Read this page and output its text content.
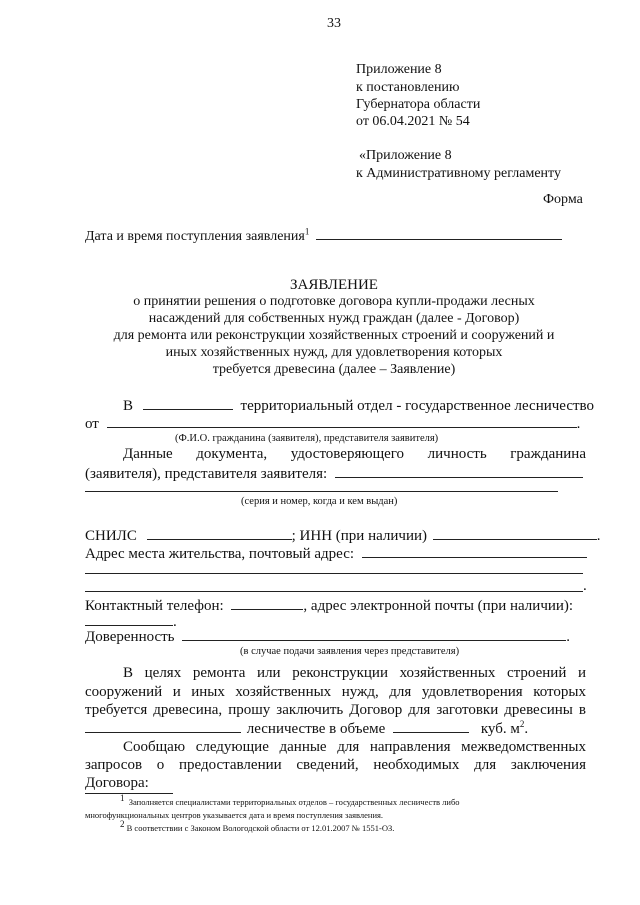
33
Приложение 8
к постановлению
Губернатора области
от 06.04.2021 № 54
«Приложение 8
к Административному регламенту
Форма
Дата и время поступления заявления$^1$
ЗАЯВЛЕНИЕ
о принятии решения о подготовке договора купли-продажи лесных
насаждений для собственных нужд граждан (далее - Договор)
для ремонта или реконструкции хозяйственных строений и сооружений и
иных хозяйственных нужд, для удовлетворения которых
требуется древесина (далее – Заявление)
В	территориальный отдел - государственное лесничество
от	.
(Ф.И.О. гражданина (заявителя), представителя заявителя)
Данные документа, удостоверяющего личность гражданина
(заявителя), представителя заявителя:
(серия и номер, когда и кем выдан)
СНИЛС	; ИНН (при наличии)	.
Адрес места жительства, почтовый адрес:
.
Контактный телефон:	, адрес электронной почты (при наличии):
.
Доверенность	.
(в случае подачи заявления через представителя)
В целях ремонта или реконструкции хозяйственных строений и
сооружений и иных хозяйственных нужд, для удовлетворения которых
требуется древесина, прошу заключить Договор для заготовки древесины в
лесничестве в объеме	куб. $м^2$.
Сообщаю следующие данные для направления межведомственных
запросов о предоставлении сведений, необходимых для заключения
Договора:
$^1$ Заполняется специалистами территориальных отделов – государственных лесничеств либо
многофункциональных центров указывается дата и время поступления заявления.
$^2$ В соответствии с Законом Вологодской области от 12.01.2007 № 1551-ОЗ.
